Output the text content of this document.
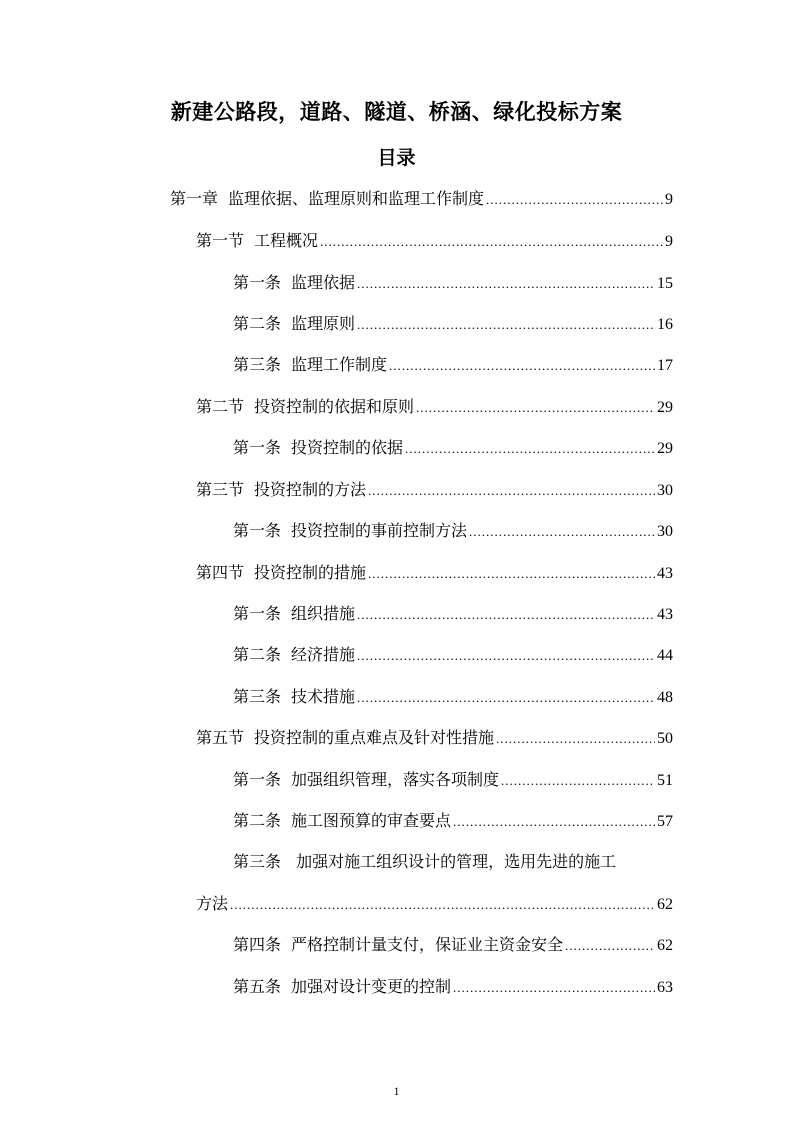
新建公路段，道路、隧道、桥涵、绿化投标方案
目录
第一章 监理依据、监理原则和监理工作制度 .....	9
第一节 工程概况 .....	9
第一条 监理依据 .....	15
第二条 监理原则 .....	16
第三条 监理工作制度 .....	17
第二节 投资控制的依据和原则 .....	29
第一条 投资控制的依据 .....	29
第三节 投资控制的方法 .....	30
第一条 投资控制的事前控制方法 .....	30
第四节 投资控制的措施 .....	43
第一条 组织措施 .....	43
第二条 经济措施 .....	44
第三条 技术措施 .....	48
第五节 投资控制的重点难点及针对性措施 .....	50
第一条 加强组织管理，落实各项制度 .....	51
第二条 施工图预算的审查要点 .....	57
第三条 加强对施工组织设计的管理，选用先进的施工
方法 .....	62
第四条 严格控制计量支付，保证业主资金安全 .....	62
第五条 加强对设计变更的控制 .....	63
1
